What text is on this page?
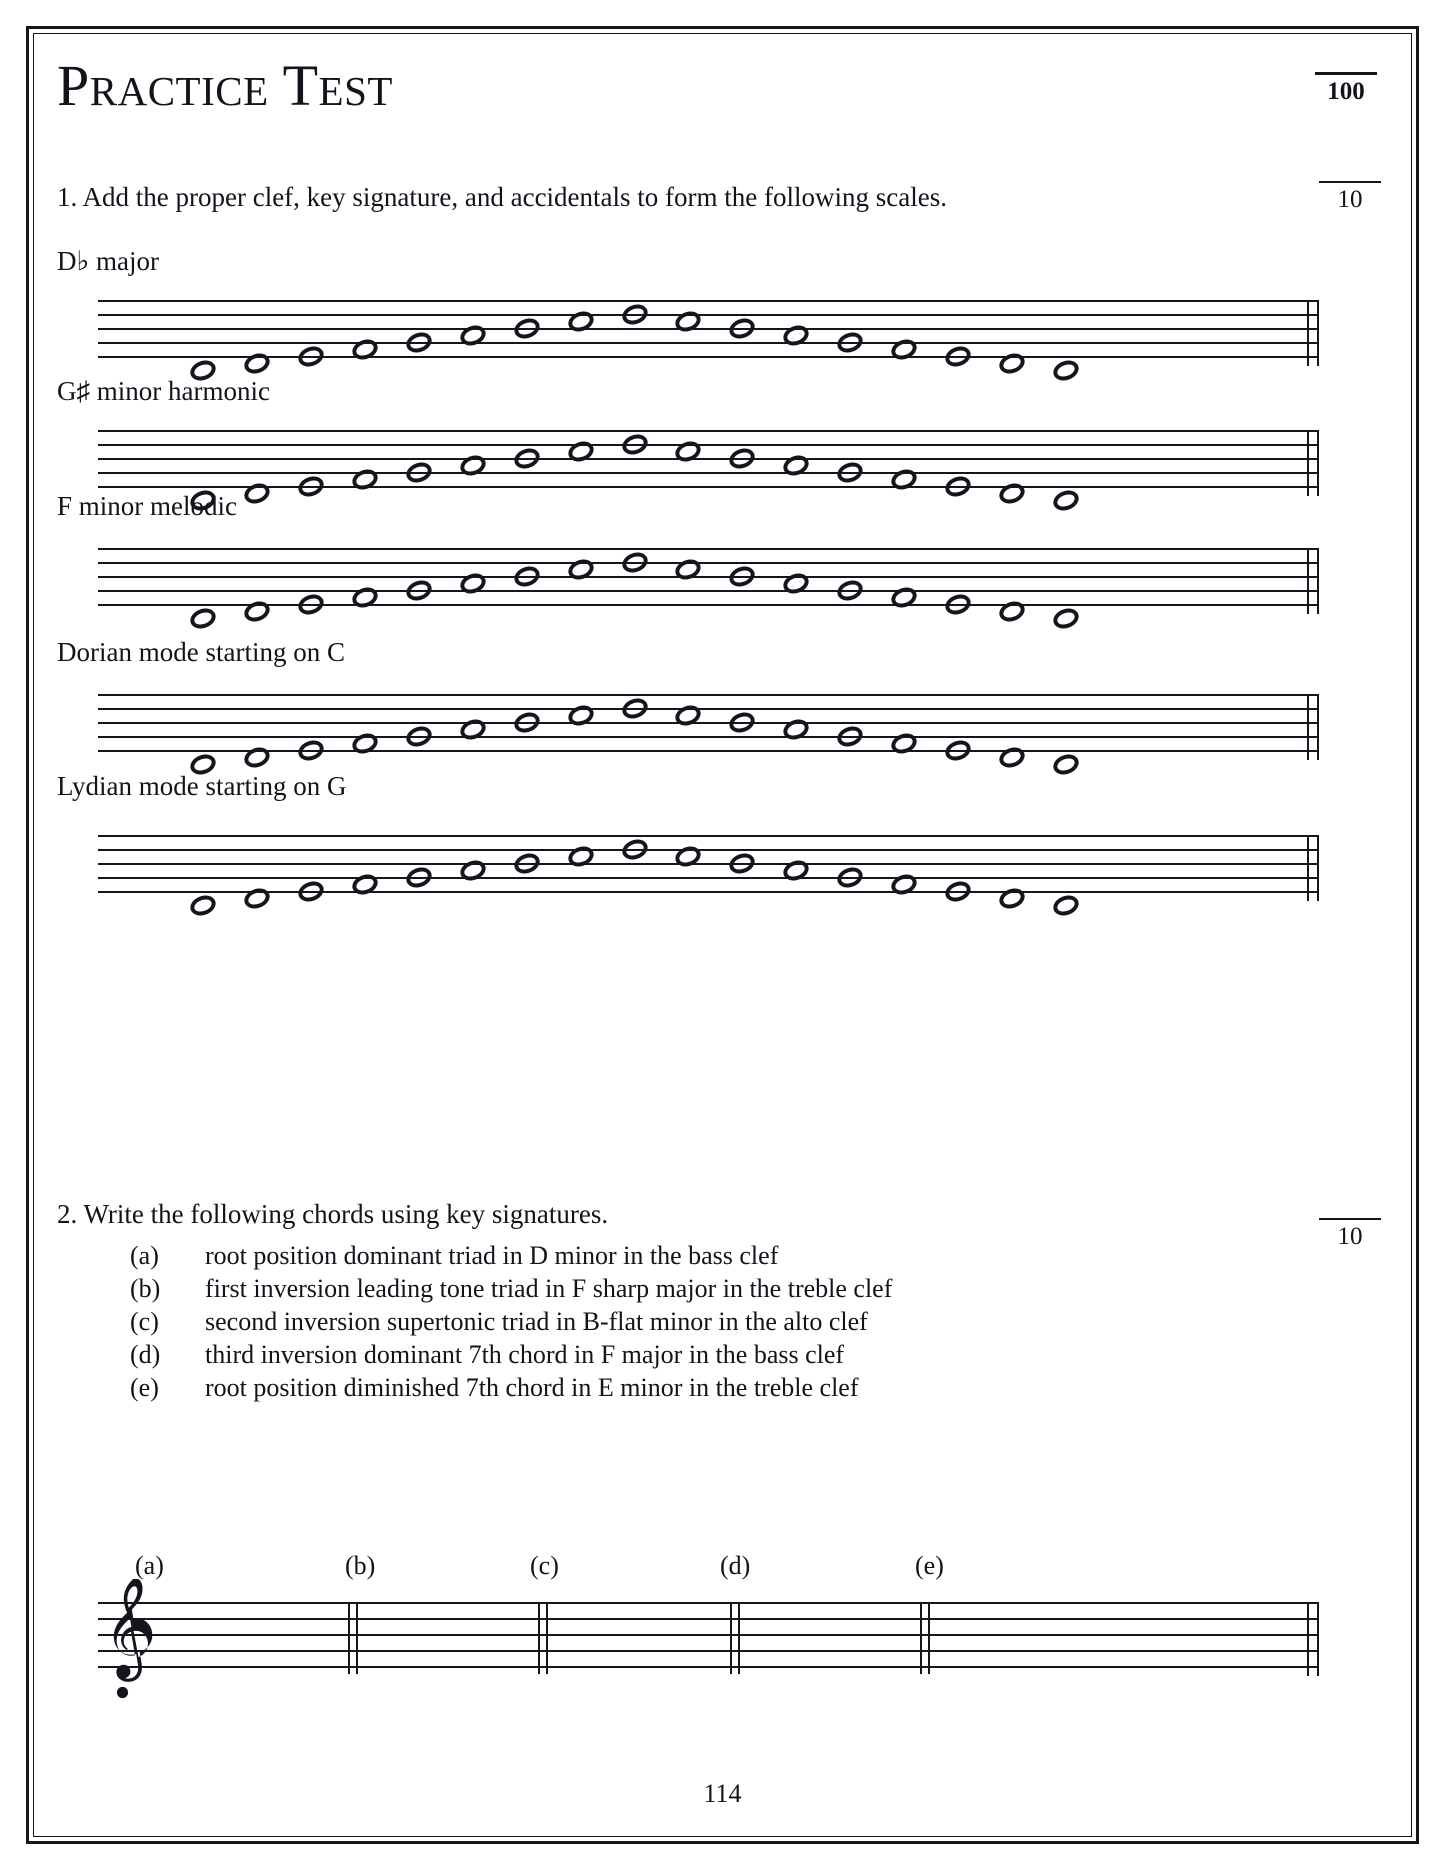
Practice Test	100
1. Add the proper clef, key signature, and accidentals to form the following scales.	10
D♭ major
G♯ minor harmonic
F minor melodic
Dorian mode starting on C
Lydian mode starting on G
2. Write the following chords using key signatures.
10
(a)	root position dominant triad in D minor in the bass clef
(b)	first inversion leading tone triad in F sharp major in the treble clef
(c)	second inversion supertonic triad in B-flat minor in the alto clef
(d)	third inversion dominant 7th chord in F major in the bass clef
(e)	root position diminished 7th chord in E minor in the treble clef
(a)	(b)	(c)	(d)	(e)
114
